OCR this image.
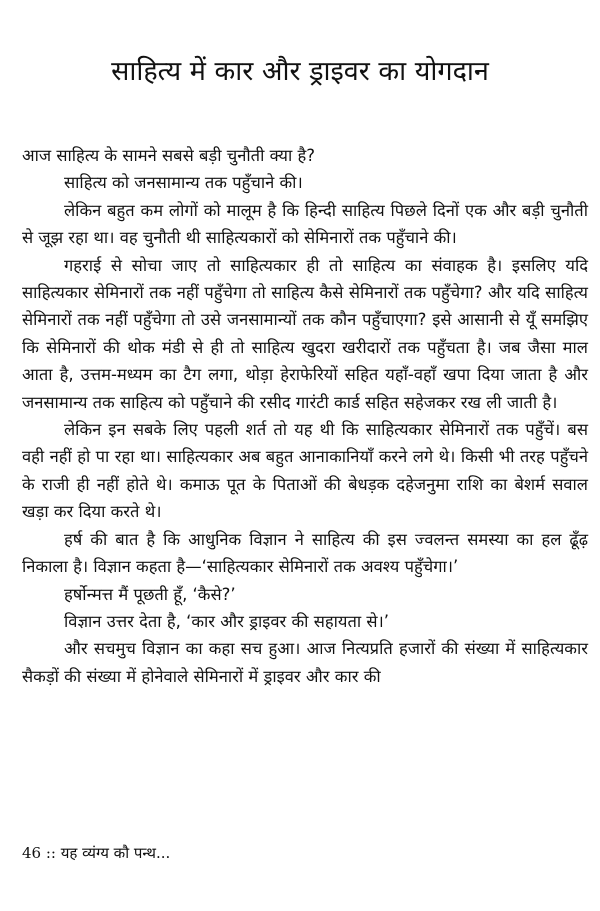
साहित्य में कार और ड्राइवर का योगदान

आज साहित्य के सामने सबसे बड़ी चुनौती क्या है?

साहित्य को जनसामान्य तक पहुँचाने की।

लेकिन बहुत कम लोगों को मालूम है कि हिन्दी साहित्य पिछले दिनों एक और बड़ी चुनौती से जूझ रहा था। वह चुनौती थी साहित्यकारों को सेमिनारों तक पहुँचाने की।

गहराई से सोचा जाए तो साहित्यकार ही तो साहित्य का संवाहक है। इसलिए यदि साहित्यकार सेमिनारों तक नहीं पहुँचेगा तो साहित्य कैसे सेमिनारों तक पहुँचेगा? और यदि साहित्य सेमिनारों तक नहीं पहुँचेगा तो उसे जनसामान्यों तक कौन पहुँचाएगा? इसे आसानी से यूँ समझिए कि सेमिनारों की थोक मंडी से ही तो साहित्य खुदरा खरीदारों तक पहुँचता है। जब जैसा माल आता है, उत्तम-मध्यम का टैग लगा, थोड़ा हेराफेरियों सहित यहाँ-वहाँ खपा दिया जाता है और जनसामान्य तक साहित्य को पहुँचाने की रसीद गारंटी कार्ड सहित सहेजकर रख ली जाती है।

लेकिन इन सबके लिए पहली शर्त तो यह थी कि साहित्यकार सेमिनारों तक पहुँचें। बस वही नहीं हो पा रहा था। साहित्यकार अब बहुत आनाकानियाँ करने लगे थे। किसी भी तरह पहुँचने के राजी ही नहीं होते थे। कमाऊ पूत के पिताओं की बेधड़क दहेजनुमा राशि का बेशर्म सवाल खड़ा कर दिया करते थे।

हर्ष की बात है कि आधुनिक विज्ञान ने साहित्य की इस ज्वलन्त समस्या का हल ढूँढ़ निकाला है। विज्ञान कहता है—‘साहित्यकार सेमिनारों तक अवश्य पहुँचेगा।’

हर्षोन्मत्त मैं पूछती हूँ, ‘कैसे?’

विज्ञान उत्तर देता है, ‘कार और ड्राइवर की सहायता से।’

और सचमुच विज्ञान का कहा सच हुआ। आज नित्यप्रति हजारों की संख्या में साहित्यकार सैकड़ों की संख्या में होनेवाले सेमिनारों में ड्राइवर और कार की

46 :: यह व्यंग्य कौ पन्थ...
